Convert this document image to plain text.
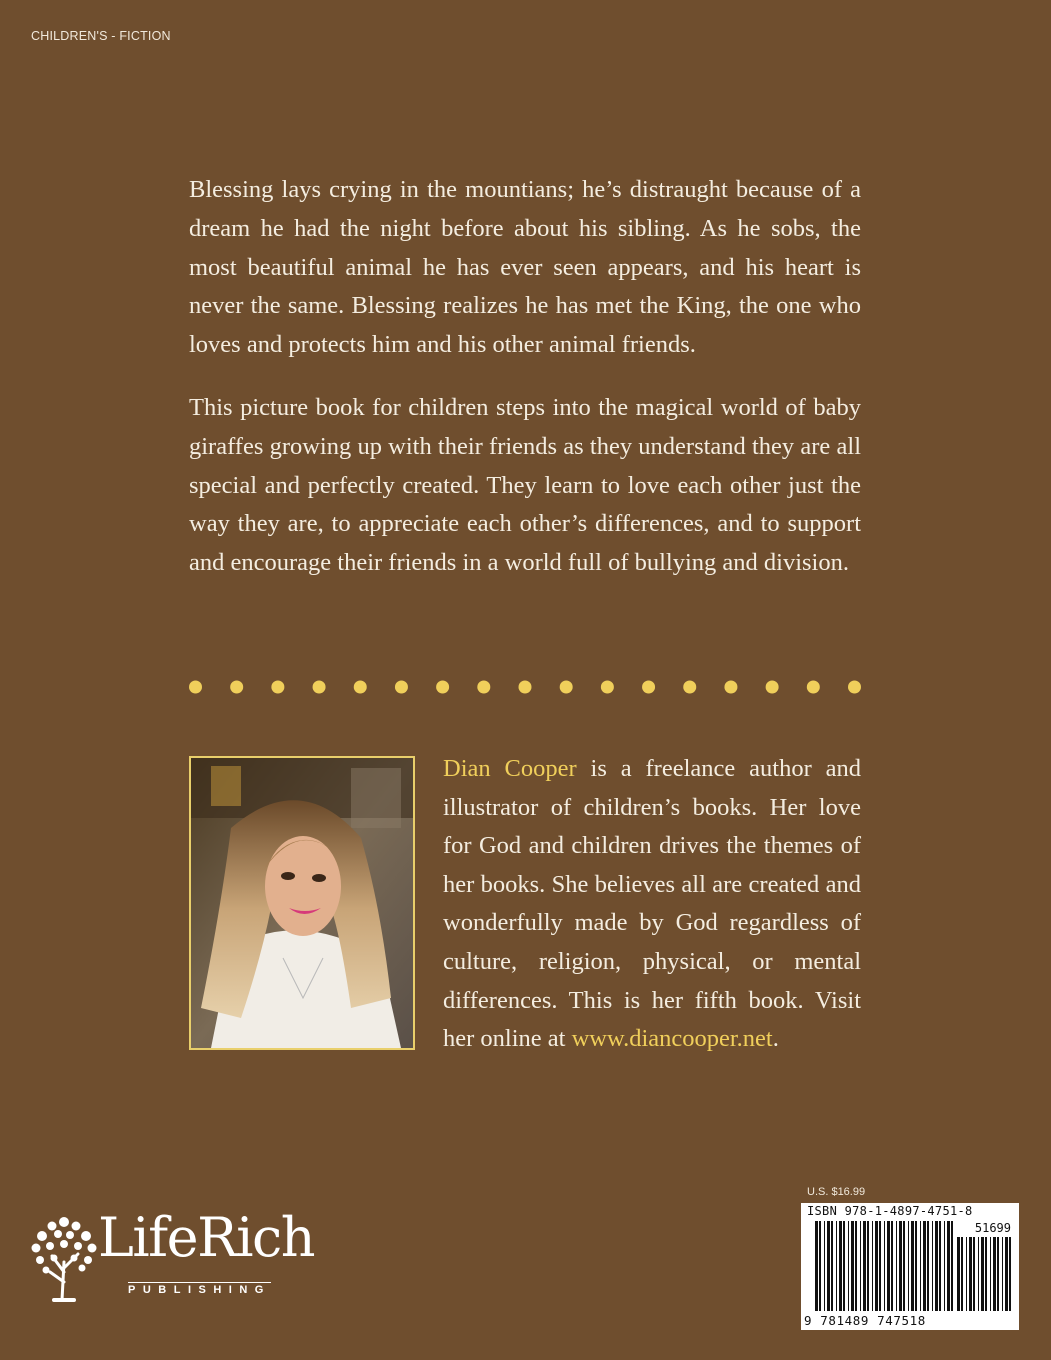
CHILDREN'S - FICTION

Blessing lays crying in the mountians; he’s distraught because of a dream he had the night before about his sibling. As he sobs, the most beautiful animal he has ever seen appears, and his heart is never the same. Blessing realizes he has met the King, the one who loves and protects him and his other animal friends.

This picture book for children steps into the magical world of baby giraffes growing up with their friends as they understand they are all special and perfectly created. They learn to love each other just the way they are, to appreciate each other’s differences, and to support and encourage their friends in a world full of bullying and division.

Dian Cooper is a freelance author and illustrator of children’s books. Her love for God and children drives the themes of her books. She believes all are created and wonderfully made by God regardless of culture, religion, physical, or mental differences. This is her fifth book. Visit her online at www.diancooper.net.

U.S. $16.99
ISBN 978-1-4897-4751-8
51699
9 781489 747518
LifeRich
PUBLISHING
